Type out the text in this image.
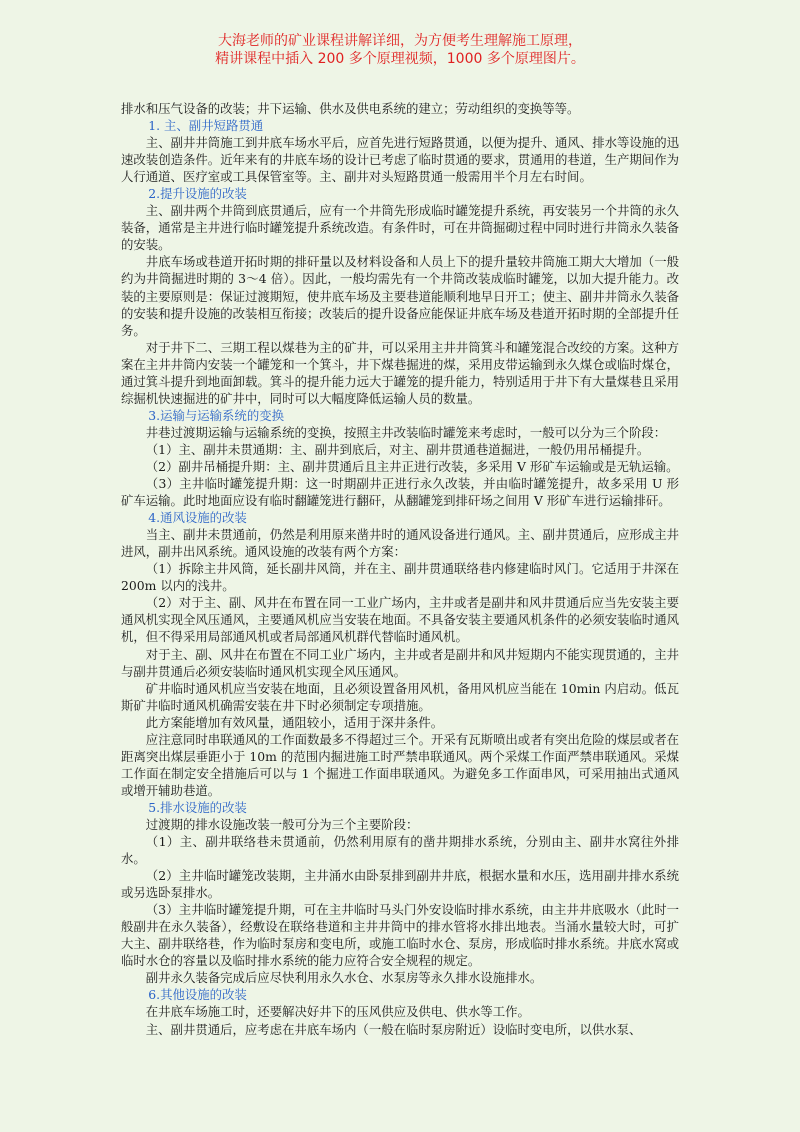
大海老师的矿业课程讲解详细，为方便考生理解施工原理，
精讲课程中插入 200 多个原理视频，1000 多个原理图片。

排水和压气设备的改装；井下运输、供水及供电系统的建立；劳动组织的变换等等。

1. 主、副井短路贯通

主、副井井筒施工到井底车场水平后，应首先进行短路贯通，以便为提升、通风、排水等设施的迅速改装创造条件。近年来有的井底车场的设计已考虑了临时贯通的要求，贯通用的巷道，生产期间作为人行通道、医疗室或工具保管室等。主、副井对头短路贯通一般需用半个月左右时间。

2.提升设施的改装

主、副井两个井筒到底贯通后，应有一个井筒先形成临时罐笼提升系统，再安装另一个井筒的永久装备，通常是主井进行临时罐笼提升系统改造。有条件时，可在井筒掘砌过程中同时进行井筒永久装备的安装。

井底车场或巷道开拓时期的排矸量以及材料设备和人员上下的提升量较井筒施工期大大增加（一般约为井筒掘进时期的 3～4 倍）。因此，一般均需先有一个井筒改装成临时罐笼，以加大提升能力。改装的主要原则是：保证过渡期短，使井底车场及主要巷道能顺利地早日开工；使主、副井井筒永久装备的安装和提升设施的改装相互衔接；改装后的提升设备应能保证井底车场及巷道开拓时期的全部提升任务。

对于井下二、三期工程以煤巷为主的矿井，可以采用主井井筒箕斗和罐笼混合改绞的方案。这种方案在主井井筒内安装一个罐笼和一个箕斗，井下煤巷掘进的煤，采用皮带运输到永久煤仓或临时煤仓，通过箕斗提升到地面卸载。箕斗的提升能力远大于罐笼的提升能力，特别适用于井下有大量煤巷且采用综掘机快速掘进的矿井中，同时可以大幅度降低运输人员的数量。

3.运输与运输系统的变换

井巷过渡期运输与运输系统的变换，按照主井改装临时罐笼来考虑时，一般可以分为三个阶段：

（1）主、副井未贯通期：主、副井到底后，对主、副井贯通巷道掘进，一般仍用吊桶提升。

（2）副井吊桶提升期：主、副井贯通后且主井正进行改装，多采用 V 形矿车运输或是无轨运输。

（3）主井临时罐笼提升期：这一时期副井正进行永久改装，并由临时罐笼提升，故多采用 U 形矿车运输。此时地面应设有临时翻罐笼进行翻矸，从翻罐笼到排矸场之间用 V 形矿车进行运输排矸。

4.通风设施的改装

当主、副井未贯通前，仍然是利用原来凿井时的通风设备进行通风。主、副井贯通后，应形成主井进风，副井出风系统。通风设施的改装有两个方案：

（1）拆除主井风筒，延长副井风筒，并在主、副井贯通联络巷内修建临时风门。它适用于井深在 200m 以内的浅井。

（2）对于主、副、风井在布置在同一工业广场内，主井或者是副井和风井贯通后应当先安装主要通风机实现全风压通风，主要通风机应当安装在地面。不具备安装主要通风机条件的必须安装临时通风机，但不得采用局部通风机或者局部通风机群代替临时通风机。

对于主、副、风井在布置在不同工业广场内，主井或者是副井和风井短期内不能实现贯通的，主井与副井贯通后必须安装临时通风机实现全风压通风。

矿井临时通风机应当安装在地面，且必须设置备用风机，备用风机应当能在 10min 内启动。低瓦斯矿井临时通风机确需安装在井下时必须制定专项措施。

此方案能增加有效风量，通阻较小，适用于深井条件。

应注意同时串联通风的工作面数最多不得超过三个。开采有瓦斯喷出或者有突出危险的煤层或者在距离突出煤层垂距小于 10m 的范围内掘进施工时严禁串联通风。两个采煤工作面严禁串联通风。采煤工作面在制定安全措施后可以与 1 个掘进工作面串联通风。为避免多工作面串风，可采用抽出式通风或增开辅助巷道。

5.排水设施的改装

过渡期的排水设施改装一般可分为三个主要阶段：

（1）主、副井联络巷未贯通前，仍然利用原有的凿井期排水系统，分别由主、副井水窝往外排水。

（2）主井临时罐笼改装期，主井涌水由卧泵排到副井井底，根据水量和水压，选用副井排水系统或另选卧泵排水。

（3）主井临时罐笼提升期，可在主井临时马头门外安设临时排水系统，由主井井底吸水（此时一般副井在永久装备），经敷设在联络巷道和主井井筒中的排水管将水排出地表。当涌水量较大时，可扩大主、副井联络巷，作为临时泵房和变电所，或施工临时水仓、泵房，形成临时排水系统。井底水窝或临时水仓的容量以及临时排水系统的能力应符合安全规程的规定。

副井永久装备完成后应尽快利用永久水仓、水泵房等永久排水设施排水。

6.其他设施的改装

在井底车场施工时，还要解决好井下的压风供应及供电、供水等工作。

主、副井贯通后，应考虑在井底车场内（一般在临时泵房附近）设临时变电所，以供水泵、
